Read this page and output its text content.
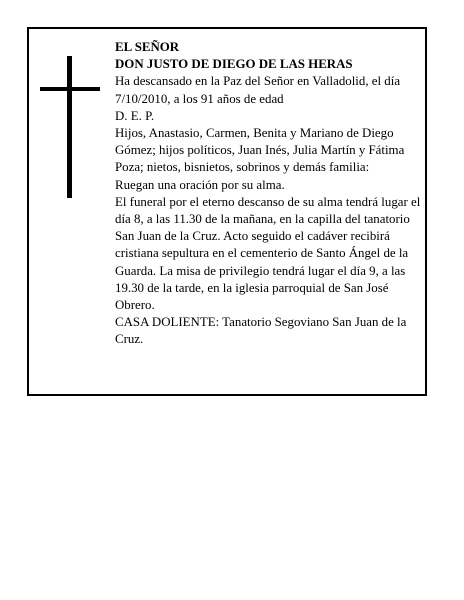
EL SEÑOR

DON JUSTO DE DIEGO DE LAS HERAS

Ha descansado en la Paz del Señor en Valladolid, el día 7/10/2010, a los 91 años de edad

D. E. P.

Hijos, Anastasio, Carmen, Benita y Mariano de Diego Gómez; hijos políticos, Juan Inés, Julia Martín y Fátima Poza; nietos, bisnietos, sobrinos y demás familia:

Ruegan una oración por su alma.

El funeral por el eterno descanso de su alma tendrá lugar el día 8, a las 11.30 de la mañana, en la capilla del tanatorio San Juan de la Cruz. Acto seguido el cadáver recibirá cristiana sepultura en el cementerio de Santo Ángel de la Guarda. La misa de privilegio tendrá lugar el día 9, a las 19.30 de la tarde, en la iglesia parroquial de San José Obrero.

CASA DOLIENTE: Tanatorio Segoviano San Juan de la Cruz.
